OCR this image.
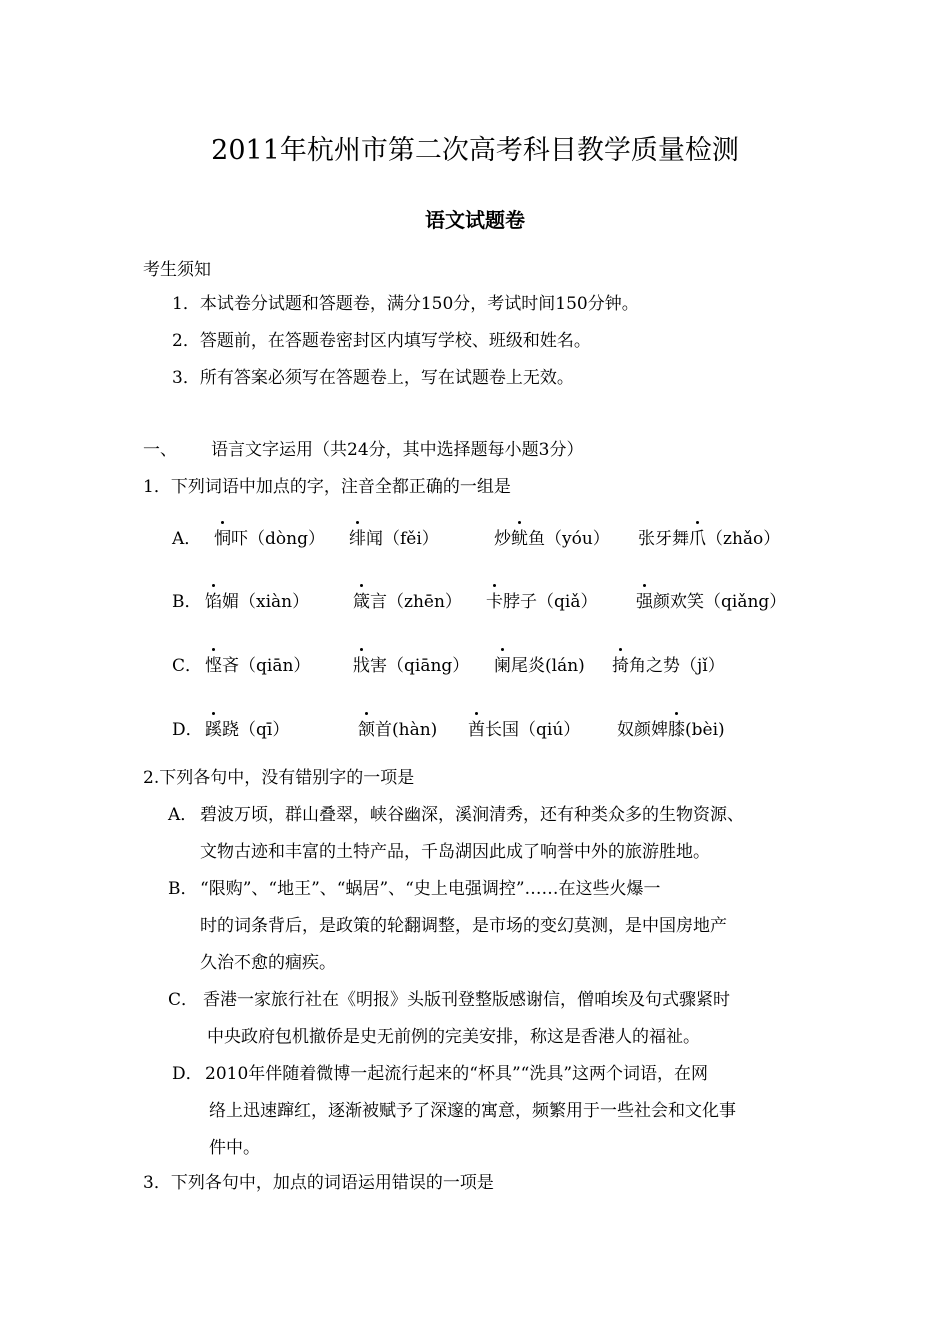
2011年杭州市第二次高考科目教学质量检测
语文试题卷
考生须知
1．本试卷分试题和答题卷，满分150分，考试时间150分钟。
2．答题前，在答题卷密封区内填写学校、班级和姓名。
3．所有答案必须写在答题卷上，写在试题卷上无效。
一、 语言文字运用（共24分，其中选择题每小题3分）
1．下列词语中加点的字，注音全都正确的一组是
A． 恫吓（dòng） 绯闻（fěi）	炒鱿鱼（yóu） 张牙舞爪（zhǎo）
B． 馅媚（xiàn）	箴言（zhēn） 卡脖子（qiǎ） 强颜欢笑（qiǎng）
C． 悭吝（qiān）	戕害（qiāng） 阑尾炎(lán) 掎角之势（jǐ）
D． 蹊跷（qī）	颔首(hàn) 酋长国（qiú） 奴颜婢膝(bèi)
2.下列各句中，没有错别字的一项是
A． 碧波万顷，群山叠翠，峡谷幽深，溪涧清秀，还有种类众多的生物资源、
文物古迹和丰富的土特产品，千岛湖因此成了响誉中外的旅游胜地。
B． “限购”、“地王”、“蜗居”、“史上电强调控”……在这些火爆一
时的词条背后，是政策的轮翻调整，是市场的变幻莫测，是中国房地产
久治不愈的痼疾。
C． 香港一家旅行社在《明报》头版刊登整版感谢信，僧咱埃及句式骤紧时
中央政府包机撤侨是史无前例的完美安排，称这是香港人的福祉。
D． 2010年伴随着微博一起流行起来的“杯具”“洗具”这两个词语，在网
络上迅速蹿红，逐渐被赋予了深邃的寓意，频繁用于一些社会和文化事
件中。
3．下列各句中，加点的词语运用错误的一项是
